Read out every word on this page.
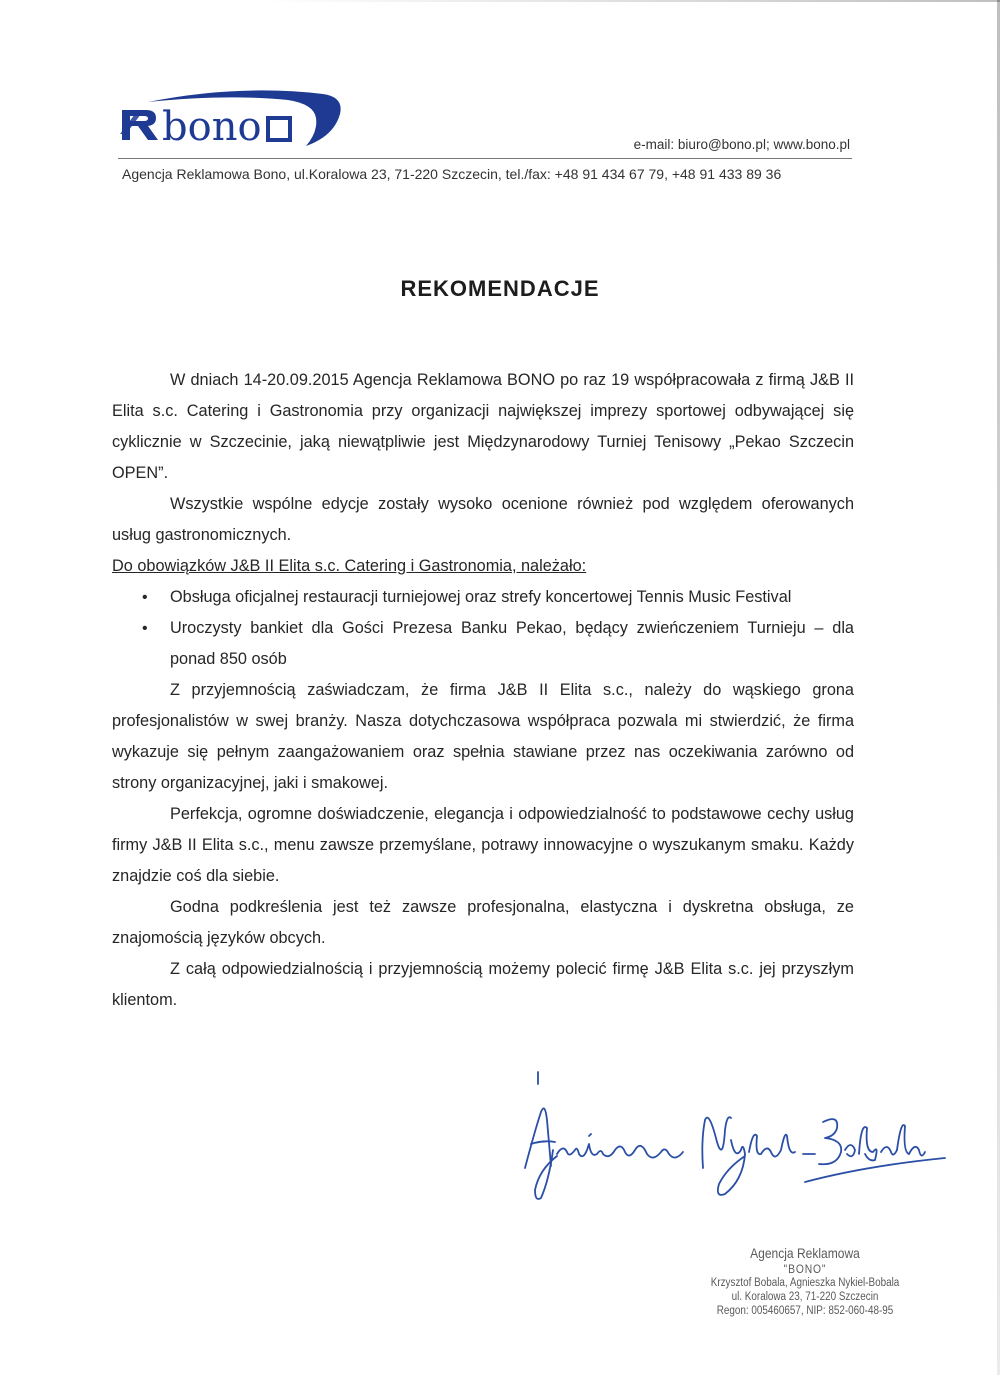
bono	e-mail: biuro@bono.pl; www.bono.pl
Agencja Reklamowa Bono, ul.Koralowa 23, 71-220 Szczecin, tel./fax: +48 91 434 67 79, +48 91 433 89 36
REKOMENDACJE

W dniach 14-20.09.2015 Agencja Reklamowa BONO po raz 19 współpracowała z firmą J&B II Elita s.c. Catering i Gastronomia przy organizacji największej imprezy sportowej odbywającej się cyklicznie w Szczecinie, jaką niewątpliwie jest Międzynarodowy Turniej Tenisowy „Pekao Szczecin OPEN”.

Wszystkie wspólne edycje zostały wysoko ocenione również pod względem oferowanych usług gastronomicznych.

Do obowiązków J&B II Elita s.c. Catering i Gastronomia, należało:

• Obsługa oficjalnej restauracji turniejowej oraz strefy koncertowej Tennis Music Festival
• Uroczysty bankiet dla Gości Prezesa Banku Pekao, będący zwieńczeniem Turnieju – dla ponad 850 osób

Z przyjemnością zaświadczam, że firma J&B II Elita s.c., należy do wąskiego grona profesjonalistów w swej branży. Nasza dotychczasowa współpraca pozwala mi stwierdzić, że firma wykazuje się pełnym zaangażowaniem oraz spełnia stawiane przez nas oczekiwania zarówno od strony organizacyjnej, jaki i smakowej.

Perfekcja, ogromne doświadczenie, elegancja i odpowiedzialność to podstawowe cechy usług firmy J&B II Elita s.c., menu zawsze przemyślane, potrawy innowacyjne o wyszukanym smaku. Każdy znajdzie coś dla siebie.

Godna podkreślenia jest też zawsze profesjonalna, elastyczna i dyskretna obsługa, ze znajomością języków obcych.

Z całą odpowiedzialnością i przyjemnością możemy polecić firmę J&B Elita s.c. jej przyszłym klientom.

Agencja Reklamowa
"BONO"
Krzysztof Bobala, Agnieszka Nykiel-Bobala
ul. Koralowa 23, 71-220 Szczecin
Regon: 005460657, NIP: 852-060-48-95
